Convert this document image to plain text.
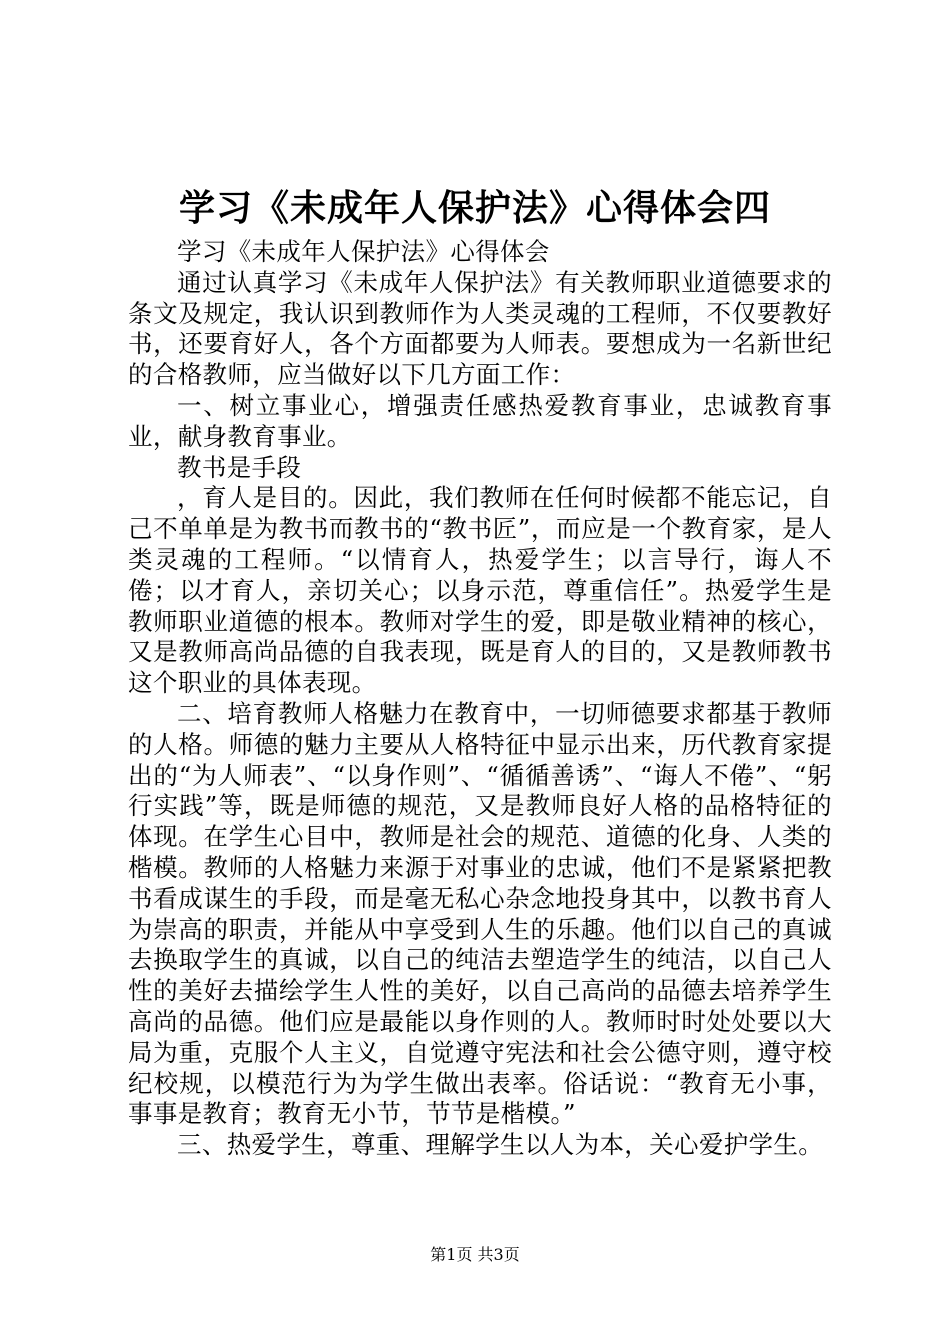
学习《未成年人保护法》心得体会四

学习《未成年人保护法》心得体会

通过认真学习《未成年人保护法》有关教师职业道德要求的条文及规定，我认识到教师作为人类灵魂的工程师，不仅要教好书，还要育好人，各个方面都要为人师表。要想成为一名新世纪的合格教师，应当做好以下几方面工作：

一、树立事业心，增强责任感热爱教育事业，忠诚教育事业，献身教育事业。

教书是手段

，育人是目的。因此，我们教师在任何时候都不能忘记，自己不单单是为教书而教书的“教书匠”，而应是一个教育家，是人类灵魂的工程师。“以情育人，热爱学生；以言导行，诲人不倦；以才育人，亲切关心；以身示范，尊重信任”。热爱学生是教师职业道德的根本。教师对学生的爱，即是敬业精神的核心，又是教师高尚品德的自我表现，既是育人的目的，又是教师教书这个职业的具体表现。

二、培育教师人格魅力在教育中，一切师德要求都基于教师的人格。师德的魅力主要从人格特征中显示出来，历代教育家提出的“为人师表”、“以身作则”、“循循善诱”、“诲人不倦”、“躬行实践”等，既是师德的规范，又是教师良好人格的品格特征的体现。在学生心目中，教师是社会的规范、道德的化身、人类的楷模。教师的人格魅力来源于对事业的忠诚，他们不是紧紧把教书看成谋生的手段，而是毫无私心杂念地投身其中，以教书育人为崇高的职责，并能从中享受到人生的乐趣。他们以自己的真诚去换取学生的真诚，以自己的纯洁去塑造学生的纯洁，以自己人性的美好去描绘学生人性的美好，以自己高尚的品德去培养学生高尚的品德。他们应是最能以身作则的人。教师时时处处要以大局为重，克服个人主义，自觉遵守宪法和社会公德守则，遵守校纪校规，以模范行为为学生做出表率。俗话说：“教育无小事，事事是教育；教育无小节，节节是楷模。”

三、热爱学生，尊重、理解学生以人为本，关心爱护学生。

第1页 共3页
